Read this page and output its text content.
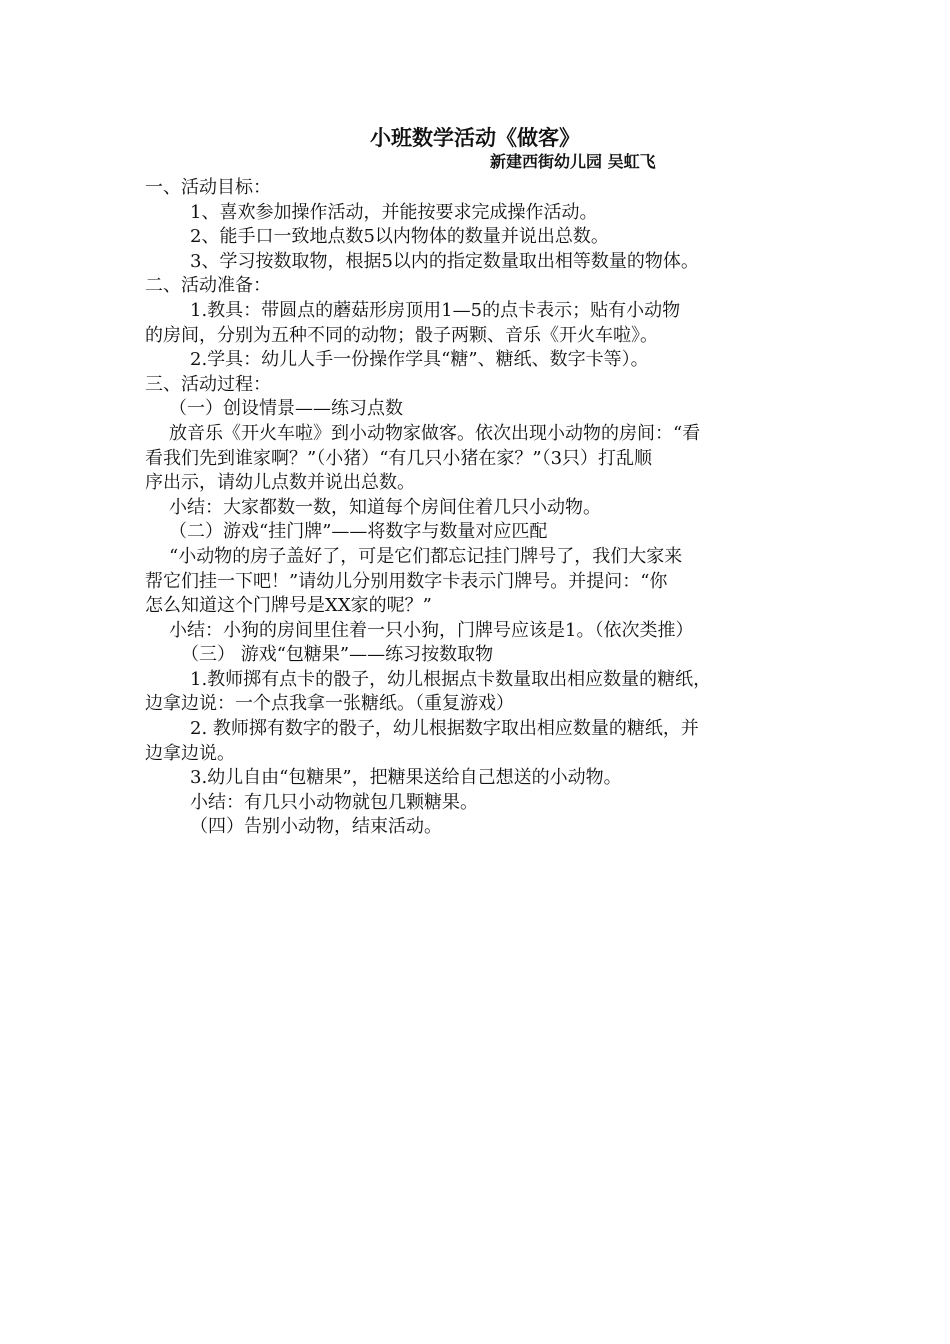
小班数学活动《做客》
新建西街幼儿园 吴虹飞
一、活动目标：
1、喜欢参加操作活动，并能按要求完成操作活动。
2、能手口一致地点数5以内物体的数量并说出总数。
3、学习按数取物，根据5以内的指定数量取出相等数量的物体。
二、活动准备：
1.教具：带圆点的蘑菇形房顶用1—5的点卡表示；贴有小动物
的房间，分别为五种不同的动物；骰子两颗、音乐《开火车啦》。
2.学具：幼儿人手一份操作学具“糖”、糖纸、数字卡等）。
三、活动过程：
（一）创设情景——练习点数
放音乐《开火车啦》到小动物家做客。依次出现小动物的房间：“看
看我们先到谁家啊？”（小猪）“有几只小猪在家？”（3只）打乱顺
序出示，请幼儿点数并说出总数。
小结：大家都数一数，知道每个房间住着几只小动物。
（二）游戏“挂门牌”——将数字与数量对应匹配
“小动物的房子盖好了，可是它们都忘记挂门牌号了，我们大家来
帮它们挂一下吧！”请幼儿分别用数字卡表示门牌号。并提问：“你
怎么知道这个门牌号是XX家的呢？”
小结：小狗的房间里住着一只小狗，门牌号应该是1。（依次类推）
（三） 游戏“包糖果”——练习按数取物
1.教师掷有点卡的骰子，幼儿根据点卡数量取出相应数量的糖纸，
边拿边说：一个点我拿一张糖纸。（重复游戏）
2. 教师掷有数字的骰子，幼儿根据数字取出相应数量的糖纸，并
边拿边说。
3.幼儿自由“包糖果”，把糖果送给自己想送的小动物。
小结：有几只小动物就包几颗糖果。
（四）告别小动物，结束活动。
